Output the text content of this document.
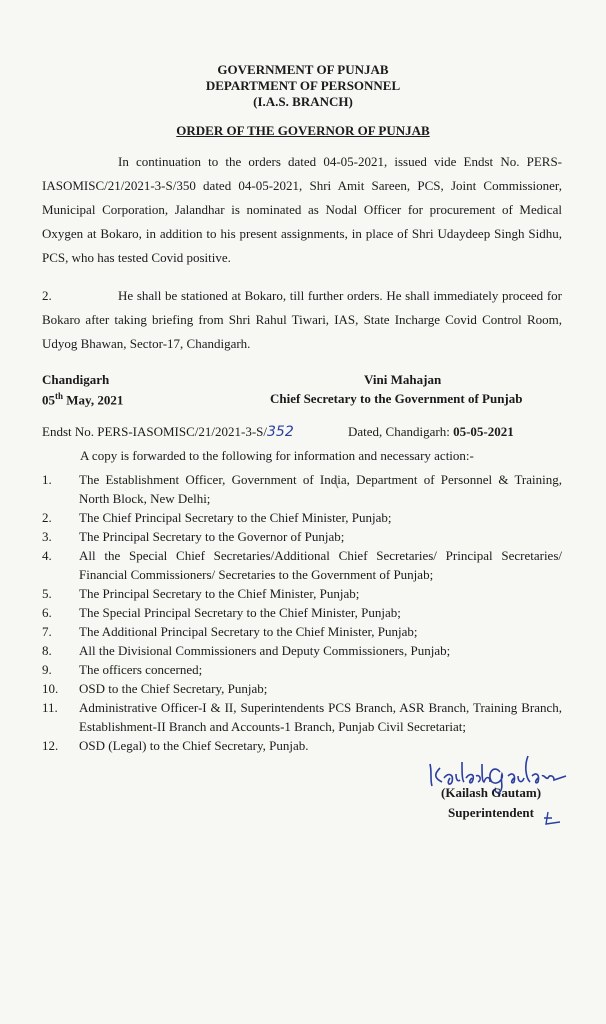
GOVERNMENT OF PUNJAB
DEPARTMENT OF PERSONNEL
(I.A.S. BRANCH)
ORDER OF THE GOVERNOR OF PUNJAB
In continuation to the orders dated 04-05-2021, issued vide Endst No. PERS-IASOMISC/21/2021-3-S/350 dated 04-05-2021, Shri Amit Sareen, PCS, Joint Commissioner, Municipal Corporation, Jalandhar is nominated as Nodal Officer for procurement of Medical Oxygen at Bokaro, in addition to his present assignments, in place of Shri Udaydeep Singh Sidhu, PCS, who has tested Covid positive.
2.	He shall be stationed at Bokaro, till further orders. He shall immediately proceed for Bokaro after taking briefing from Shri Rahul Tiwari, IAS, State Incharge Covid Control Room, Udyog Bhawan, Sector-17, Chandigarh.
Chandigarh
05th May, 2021
Vini Mahajan
Chief Secretary to the Government of Punjab
Endst No. PERS-IASOMISC/21/2021-3-S/352	Dated, Chandigarh: 05-05-2021
A copy is forwarded to the following for information and necessary action:-
1.	The Establishment Officer, Government of India, Department of Personnel & Training, North Block, New Delhi;
2.	The Chief Principal Secretary to the Chief Minister, Punjab;
3.	The Principal Secretary to the Governor of Punjab;
4.	All the Special Chief Secretaries/Additional Chief Secretaries/ Principal Secretaries/ Financial Commissioners/ Secretaries to the Government of Punjab;
5.	The Principal Secretary to the Chief Minister, Punjab;
6.	The Special Principal Secretary to the Chief Minister, Punjab;
7.	The Additional Principal Secretary to the Chief Minister, Punjab;
8.	All the Divisional Commissioners and Deputy Commissioners, Punjab;
9.	The officers concerned;
10.	OSD to the Chief Secretary, Punjab;
11.	Administrative Officer-I & II, Superintendents PCS Branch, ASR Branch, Training Branch, Establishment-II Branch and Accounts-1 Branch, Punjab Civil Secretariat;
12.	OSD (Legal) to the Chief Secretary, Punjab.
(Kailash Gautam)
Superintendent
